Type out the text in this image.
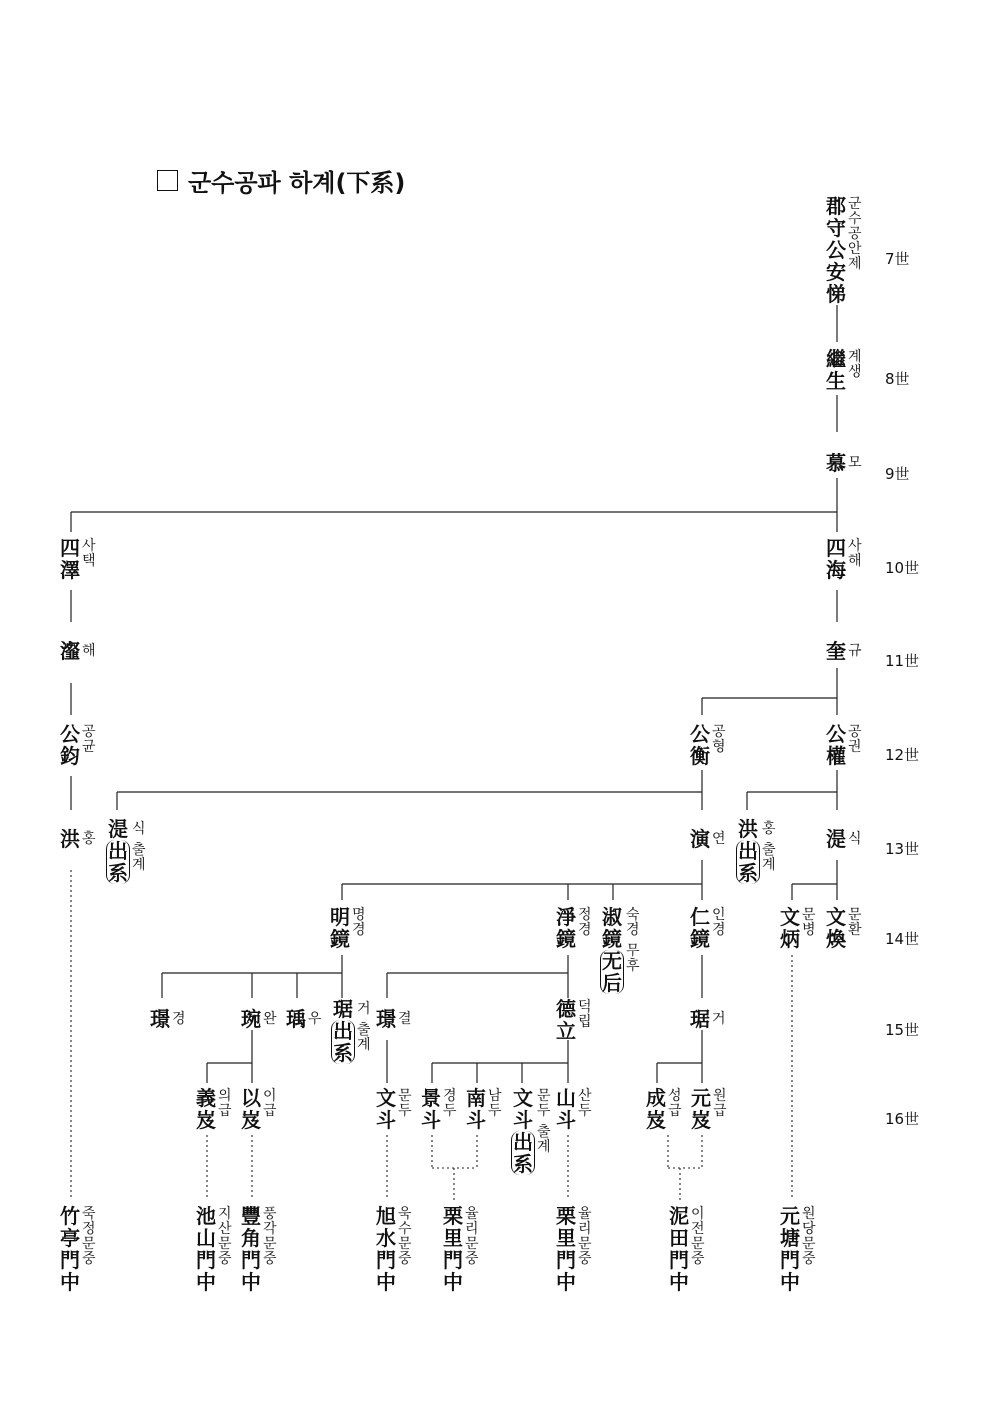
군수공파 하계(下系)
7世
8世
9世
10世
11世
12世
13世
14世
15世
16世
郡
守
公
安
悌
군
수
공
안
제
繼
生
계
생
慕 모
四
澤
사
택
四
海
사
해
瀣 해	奎 규
公
鈞
공
균
公
衡
공
형
公
權
공
권
洪 홍 湜
出
系
식
출
계
演 연 洪
出
系
홍
출
계
湜 식
明
鏡
명
경
淨
鏡
정
경
淑
鏡
无
后
숙
경
무
후
仁
鏡
인
경
文
炳
문
병
文
煥
문
환
璟 경	琬 완 瑀 우 琚
出
系
거
출
계
璟 결	德
立
덕
립	琚 거
義
岌
의
급
以
岌
이
급
文
斗
문
두
景
斗
경
두
南
斗
남
두
文
斗
出
系
문
두
출
계
山
斗
산
두
成
岌
성
급
元
岌
원
급
竹
亭
門
中
죽
정
문
중
池
山
門
中
지
산
문
중
豐
角
門
中
풍
각
문
중
旭
水
門
中
욱
수
문
중
栗
里
門
中
율
리
문
중
栗
里
門
中
율
리
문
중
泥
田
門
中
이
전
문
중
元
塘
門
中
원
당
문
중
